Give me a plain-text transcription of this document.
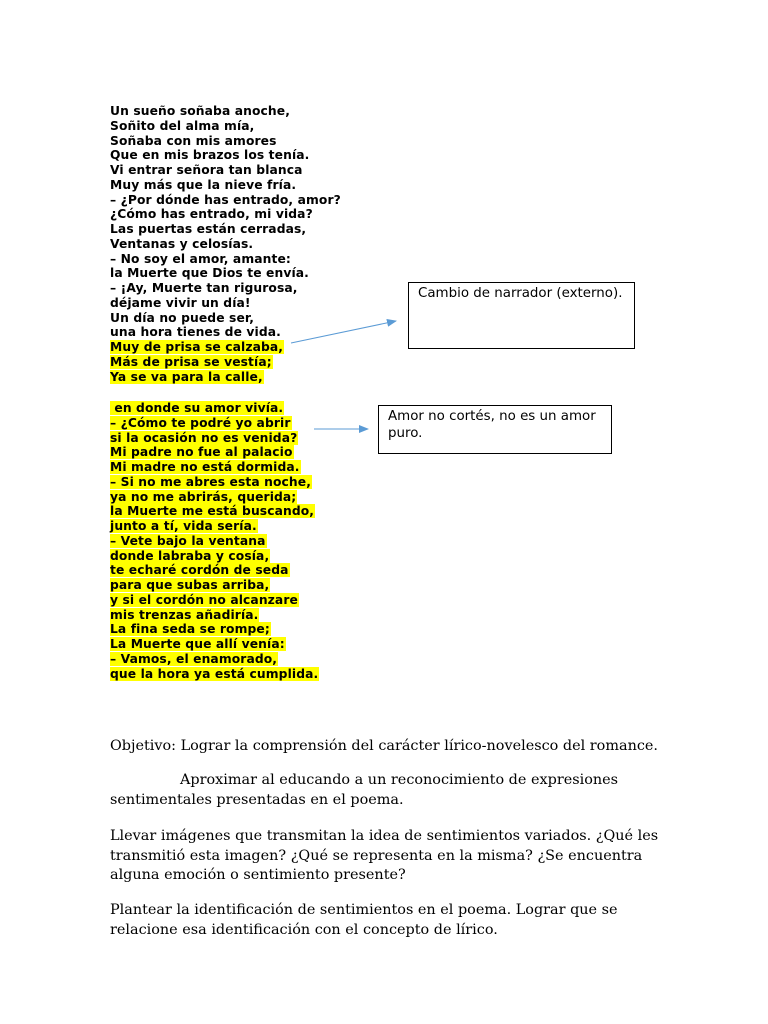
Un sueño soñaba anoche,
Soñito del alma mía,
Soñaba con mis amores
Que en mis brazos los tenía.
Vi entrar señora tan blanca
Muy más que la nieve fría.
– ¿Por dónde has entrado, amor?
¿Cómo has entrado, mi vida?
Las puertas están cerradas,
Ventanas y celosías.
– No soy el amor, amante:
la Muerte que Dios te envía.
– ¡Ay, Muerte tan rigurosa,
déjame vivir un día!
Un día no puede ser,
una hora tienes de vida.
Muy de prisa se calzaba,
Más de prisa se vestía;
Ya se va para la calle,
en donde su amor vivía.
– ¿Cómo te podré yo abrir
si la ocasión no es venida?
Mi padre no fue al palacio
Mi madre no está dormida.
– Si no me abres esta noche,
ya no me abrirás, querida;
la Muerte me está buscando,
junto a tí, vida sería.
– Vete bajo la ventana
donde labraba y cosía,
te echaré cordón de seda
para que subas arriba,
y si el cordón no alcanzare
mis trenzas añadiría.
La fina seda se rompe;
La Muerte que allí venía:
– Vamos, el enamorado,
que la hora ya está cumplida.
Cambio de narrador (externo).
Amor no cortés, no es un amor puro.
Objetivo: Lograr la comprensión del carácter lírico-novelesco del romance.
Aproximar al educando a un reconocimiento de expresiones sentimentales presentadas en el poema.
Llevar imágenes que transmitan la idea de sentimientos variados. ¿Qué les transmitió esta imagen? ¿Qué se representa en la misma? ¿Se encuentra alguna emoción o sentimiento presente?
Plantear la identificación de sentimientos en el poema. Lograr que se relacione esa identificación con el concepto de lírico.
